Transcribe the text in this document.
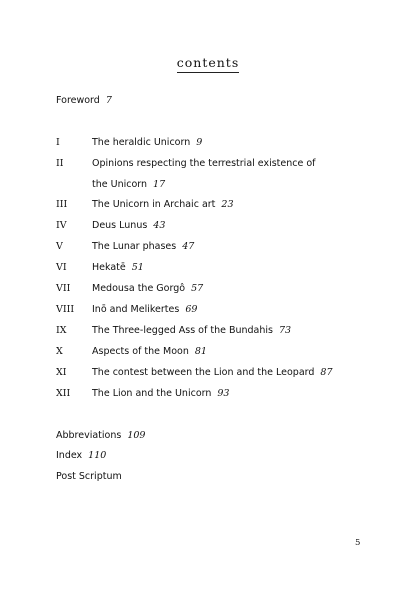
contents
Foreword 7
I	The heraldic Unicorn 9
II	Opinions respecting the terrestrial existence of
the Unicorn 17
III	The Unicorn in Archaic art 23
IV	Deus Lunus 43
V	The Lunar phases 47
VI	Hekatē 51
VII Medousa the Gorgô 57
VIII Inō and Melikertes 69
IX	The Three-legged Ass of the Bundahis 73
X	Aspects of the Moon 81
XI	The contest between the Lion and the Leopard 87
XII The Lion and the Unicorn 93
Abbreviations 109
Index 110
Post Scriptum
5
